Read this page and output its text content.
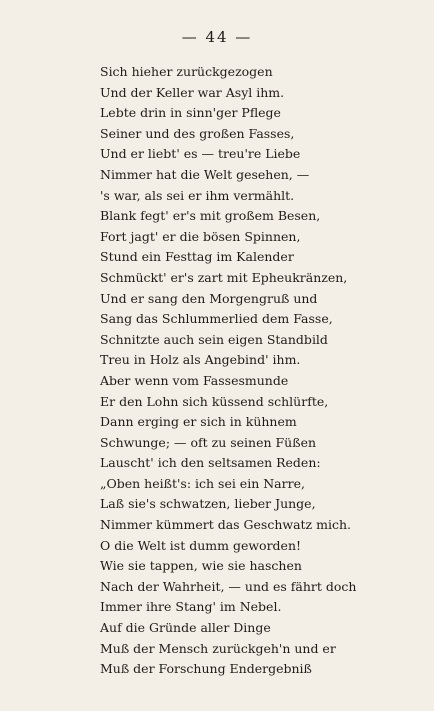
— 44 —
Sich hieher zurückgezogen
Und der Keller war Asyl ihm.
Lebte drin in sinn'ger Pflege
Seiner und des großen Fasses,
Und er liebt' es — treu're Liebe
Nimmer hat die Welt gesehen, —
's war, als sei er ihm vermählt.
Blank fegt' er's mit großem Besen,
Fort jagt' er die bösen Spinnen,
Stund ein Festtag im Kalender
Schmückt' er's zart mit Epheukränzen,
Und er sang den Morgengruß und
Sang das Schlummerlied dem Fasse,
Schnitzte auch sein eigen Standbild
Treu in Holz als Angebind' ihm.
Aber wenn vom Fassesmunde
Er den Lohn sich küssend schlürfte,
Dann erging er sich in kühnem
Schwunge; — oft zu seinen Füßen
Lauscht' ich den seltsamen Reden:
„Oben heißt's: ich sei ein Narre,
Laß sie's schwatzen, lieber Junge,
Nimmer kümmert das Geschwatz mich.
O die Welt ist dumm geworden!
Wie sie tappen, wie sie haschen
Nach der Wahrheit, — und es fährt doch
Immer ihre Stang' im Nebel.
Auf die Gründe aller Dinge
Muß der Mensch zurückgeh'n und er
Muß der Forschung Endergebniß
